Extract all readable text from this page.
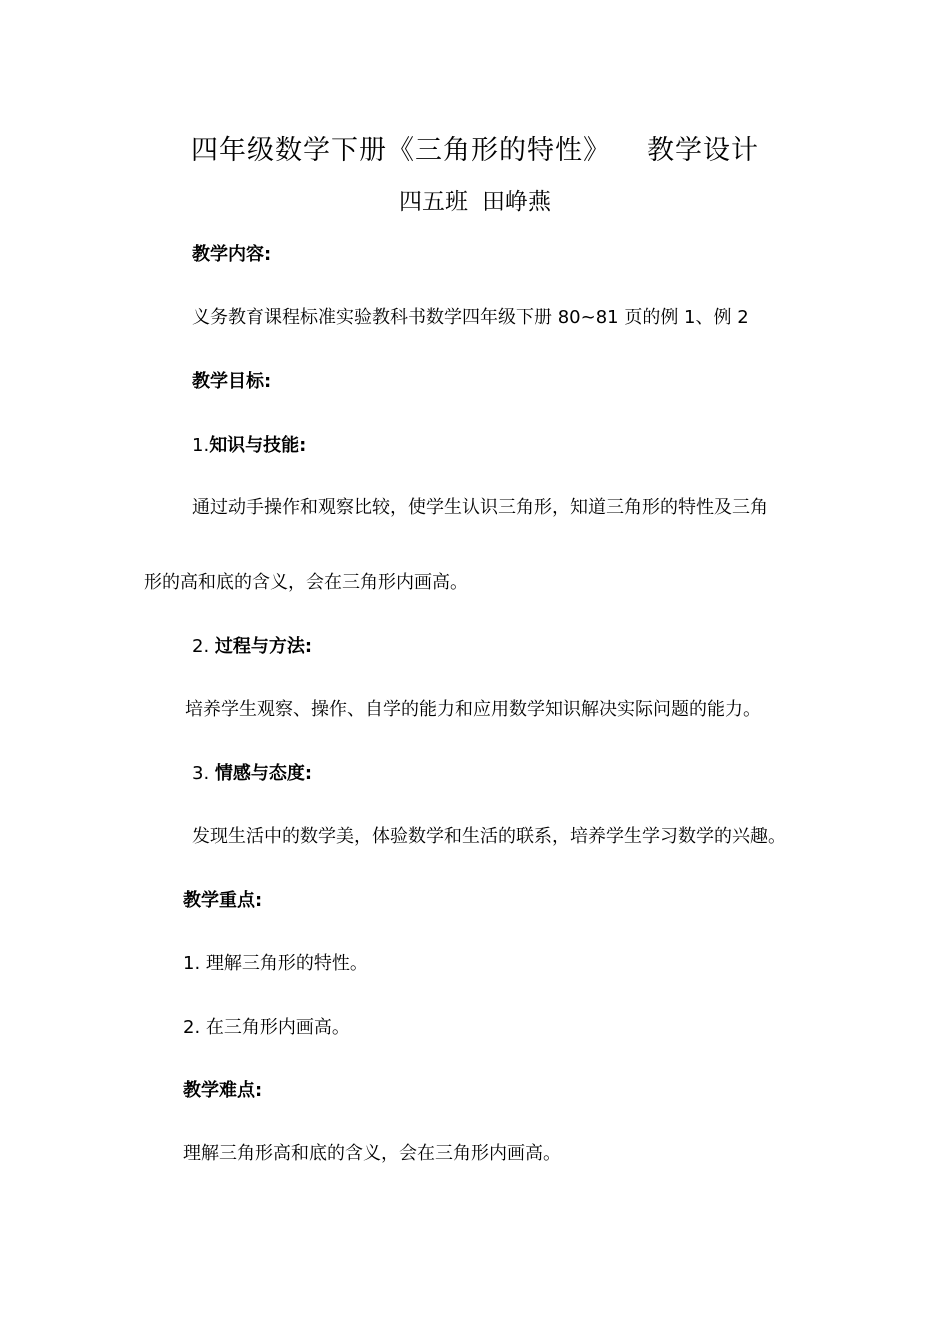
四年级数学下册《三角形的特性》 教学设计
四五班 田峥燕
教学内容:
义务教育课程标准实验教科书数学四年级下册 80~81 页的例 1、例 2
教学目标:
1.知识与技能:
通过动手操作和观察比较，使学生认识三角形，知道三角形的特性及三角
形的高和底的含义，会在三角形内画高。
2. 过程与方法:
培养学生观察、操作、自学的能力和应用数学知识解决实际问题的能力。
3. 情感与态度:
发现生活中的数学美，体验数学和生活的联系，培养学生学习数学的兴趣。
教学重点:
1. 理解三角形的特性。
2. 在三角形内画高。
教学难点:
理解三角形高和底的含义，会在三角形内画高。
